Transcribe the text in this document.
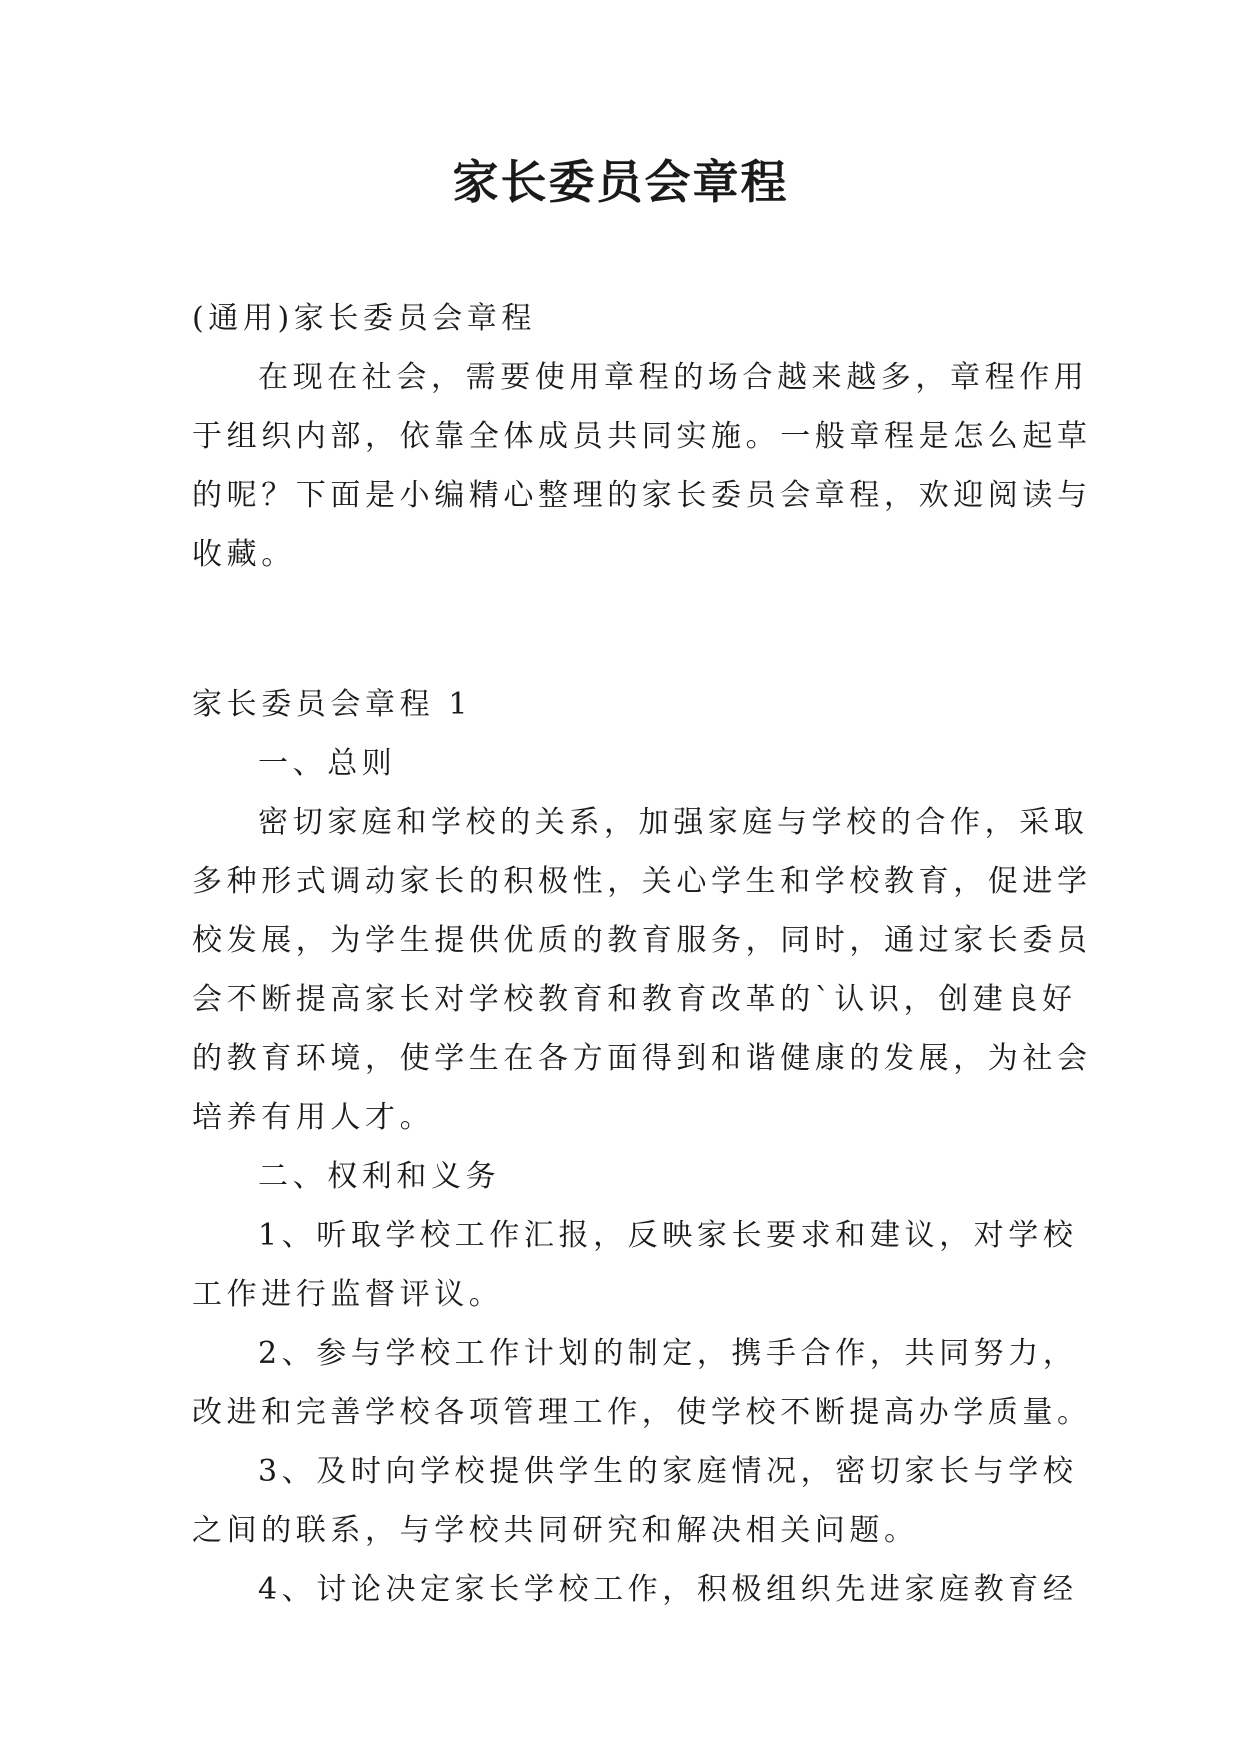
家长委员会章程

(通用)家长委员会章程

在现在社会，需要使用章程的场合越来越多，章程作用

于组织内部，依靠全体成员共同实施。一般章程是怎么起草

的呢？下面是小编精心整理的家长委员会章程，欢迎阅读与

收藏。

家长委员会章程 1

一、总则

密切家庭和学校的关系，加强家庭与学校的合作，采取

多种形式调动家长的积极性，关心学生和学校教育，促进学

校发展，为学生提供优质的教育服务，同时，通过家长委员

会不断提高家长对学校教育和教育改革的`认识，创建良好

的教育环境，使学生在各方面得到和谐健康的发展，为社会

培养有用人才。

二、权利和义务

1、听取学校工作汇报，反映家长要求和建议，对学校

工作进行监督评议。

2、参与学校工作计划的制定，携手合作，共同努力，

改进和完善学校各项管理工作，使学校不断提高办学质量。

3、及时向学校提供学生的家庭情况，密切家长与学校

之间的联系，与学校共同研究和解决相关问题。

4、讨论决定家长学校工作，积极组织先进家庭教育经
